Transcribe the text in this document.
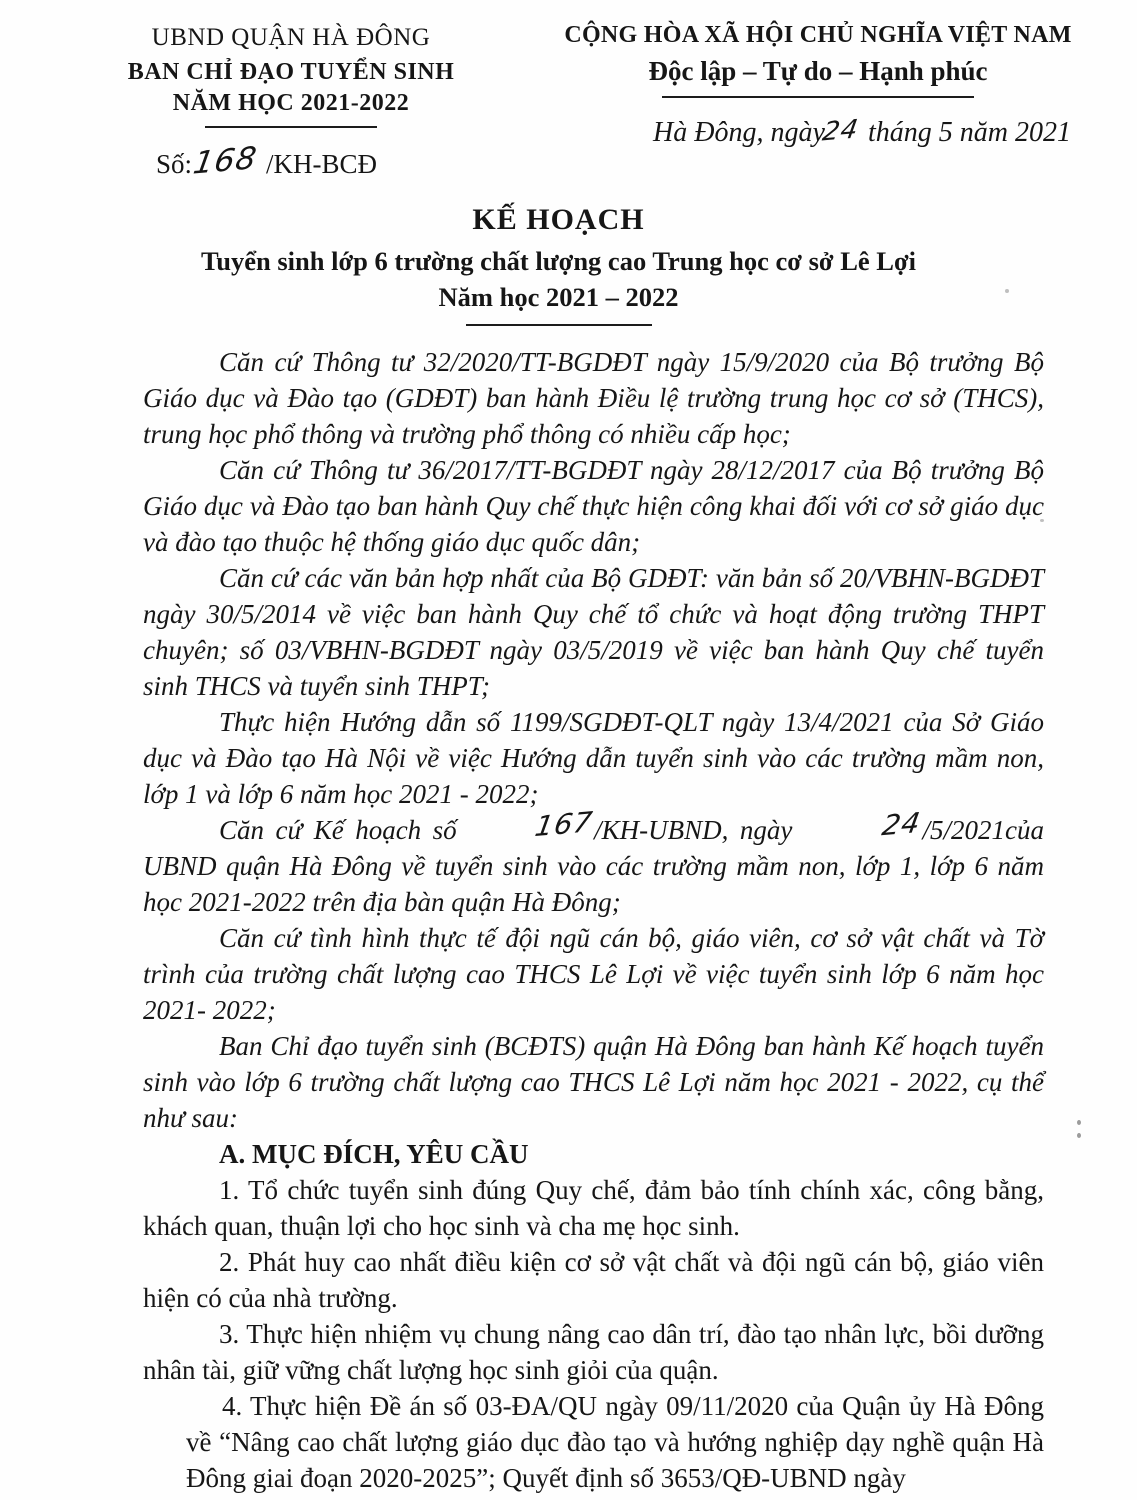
UBND QUẬN HÀ ĐÔNG
BAN CHỈ ĐẠO TUYỂN SINH
NĂM HỌC 2021-2022
Số:168 /KH-BCĐ
CỘNG HÒA XÃ HỘI CHỦ NGHĨA VIỆT NAM
Độc lập – Tự do – Hạnh phúc
Hà Đông, ngày24 tháng 5 năm 2021
KẾ HOẠCH
Tuyển sinh lớp 6 trường chất lượng cao Trung học cơ sở Lê Lợi
Năm học 2021 – 2022

Căn cứ Thông tư 32/2020/TT-BGDĐT ngày 15/9/2020 của Bộ trưởng Bộ Giáo dục và Đào tạo (GDĐT) ban hành Điều lệ trường trung học cơ sở (THCS), trung học phổ thông và trường phổ thông có nhiều cấp học;

Căn cứ Thông tư 36/2017/TT-BGDĐT ngày 28/12/2017 của Bộ trưởng Bộ Giáo dục và Đào tạo ban hành Quy chế thực hiện công khai đối với cơ sở giáo dục và đào tạo thuộc hệ thống giáo dục quốc dân;

Căn cứ các văn bản hợp nhất của Bộ GDĐT: văn bản số 20/VBHN-BGDĐT ngày 30/5/2014 về việc ban hành Quy chế tổ chức và hoạt động trường THPT chuyên; số 03/VBHN-BGDĐT ngày 03/5/2019 về việc ban hành Quy chế tuyển sinh THCS và tuyển sinh THPT;

Thực hiện Hướng dẫn số 1199/SGDĐT-QLT ngày 13/4/2021 của Sở Giáo dục và Đào tạo Hà Nội về việc Hướng dẫn tuyển sinh vào các trường mầm non, lớp 1 và lớp 6 năm học 2021 - 2022;

Căn cứ Kế hoạch số	167/KH-UBND, ngày	24/5/2021của UBND quận Hà Đông về tuyển sinh vào các trường mầm non, lớp 1, lớp 6 năm học 2021-2022 trên địa bàn quận Hà Đông;

Căn cứ tình hình thực tế đội ngũ cán bộ, giáo viên, cơ sở vật chất và Tờ trình của trường chất lượng cao THCS Lê Lợi về việc tuyển sinh lớp 6 năm học 2021- 2022;

Ban Chỉ đạo tuyển sinh (BCĐTS) quận Hà Đông ban hành Kế hoạch tuyển sinh vào lớp 6 trường chất lượng cao THCS Lê Lợi năm học 2021 - 2022, cụ thể như sau:

A. MỤC ĐÍCH, YÊU CẦU

1. Tổ chức tuyển sinh đúng Quy chế, đảm bảo tính chính xác, công bằng, khách quan, thuận lợi cho học sinh và cha mẹ học sinh.

2. Phát huy cao nhất điều kiện cơ sở vật chất và đội ngũ cán bộ, giáo viên hiện có của nhà trường.

3. Thực hiện nhiệm vụ chung nâng cao dân trí, đào tạo nhân lực, bồi dưỡng nhân tài, giữ vững chất lượng học sinh giỏi của quận.

4. Thực hiện Đề án số 03-ĐA/QU ngày 09/11/2020 của Quận ủy Hà Đông về “Nâng cao chất lượng giáo dục đào tạo và hướng nghiệp dạy nghề quận Hà Đông giai đoạn 2020-2025”; Quyết định số 3653/QĐ-UBND ngày
